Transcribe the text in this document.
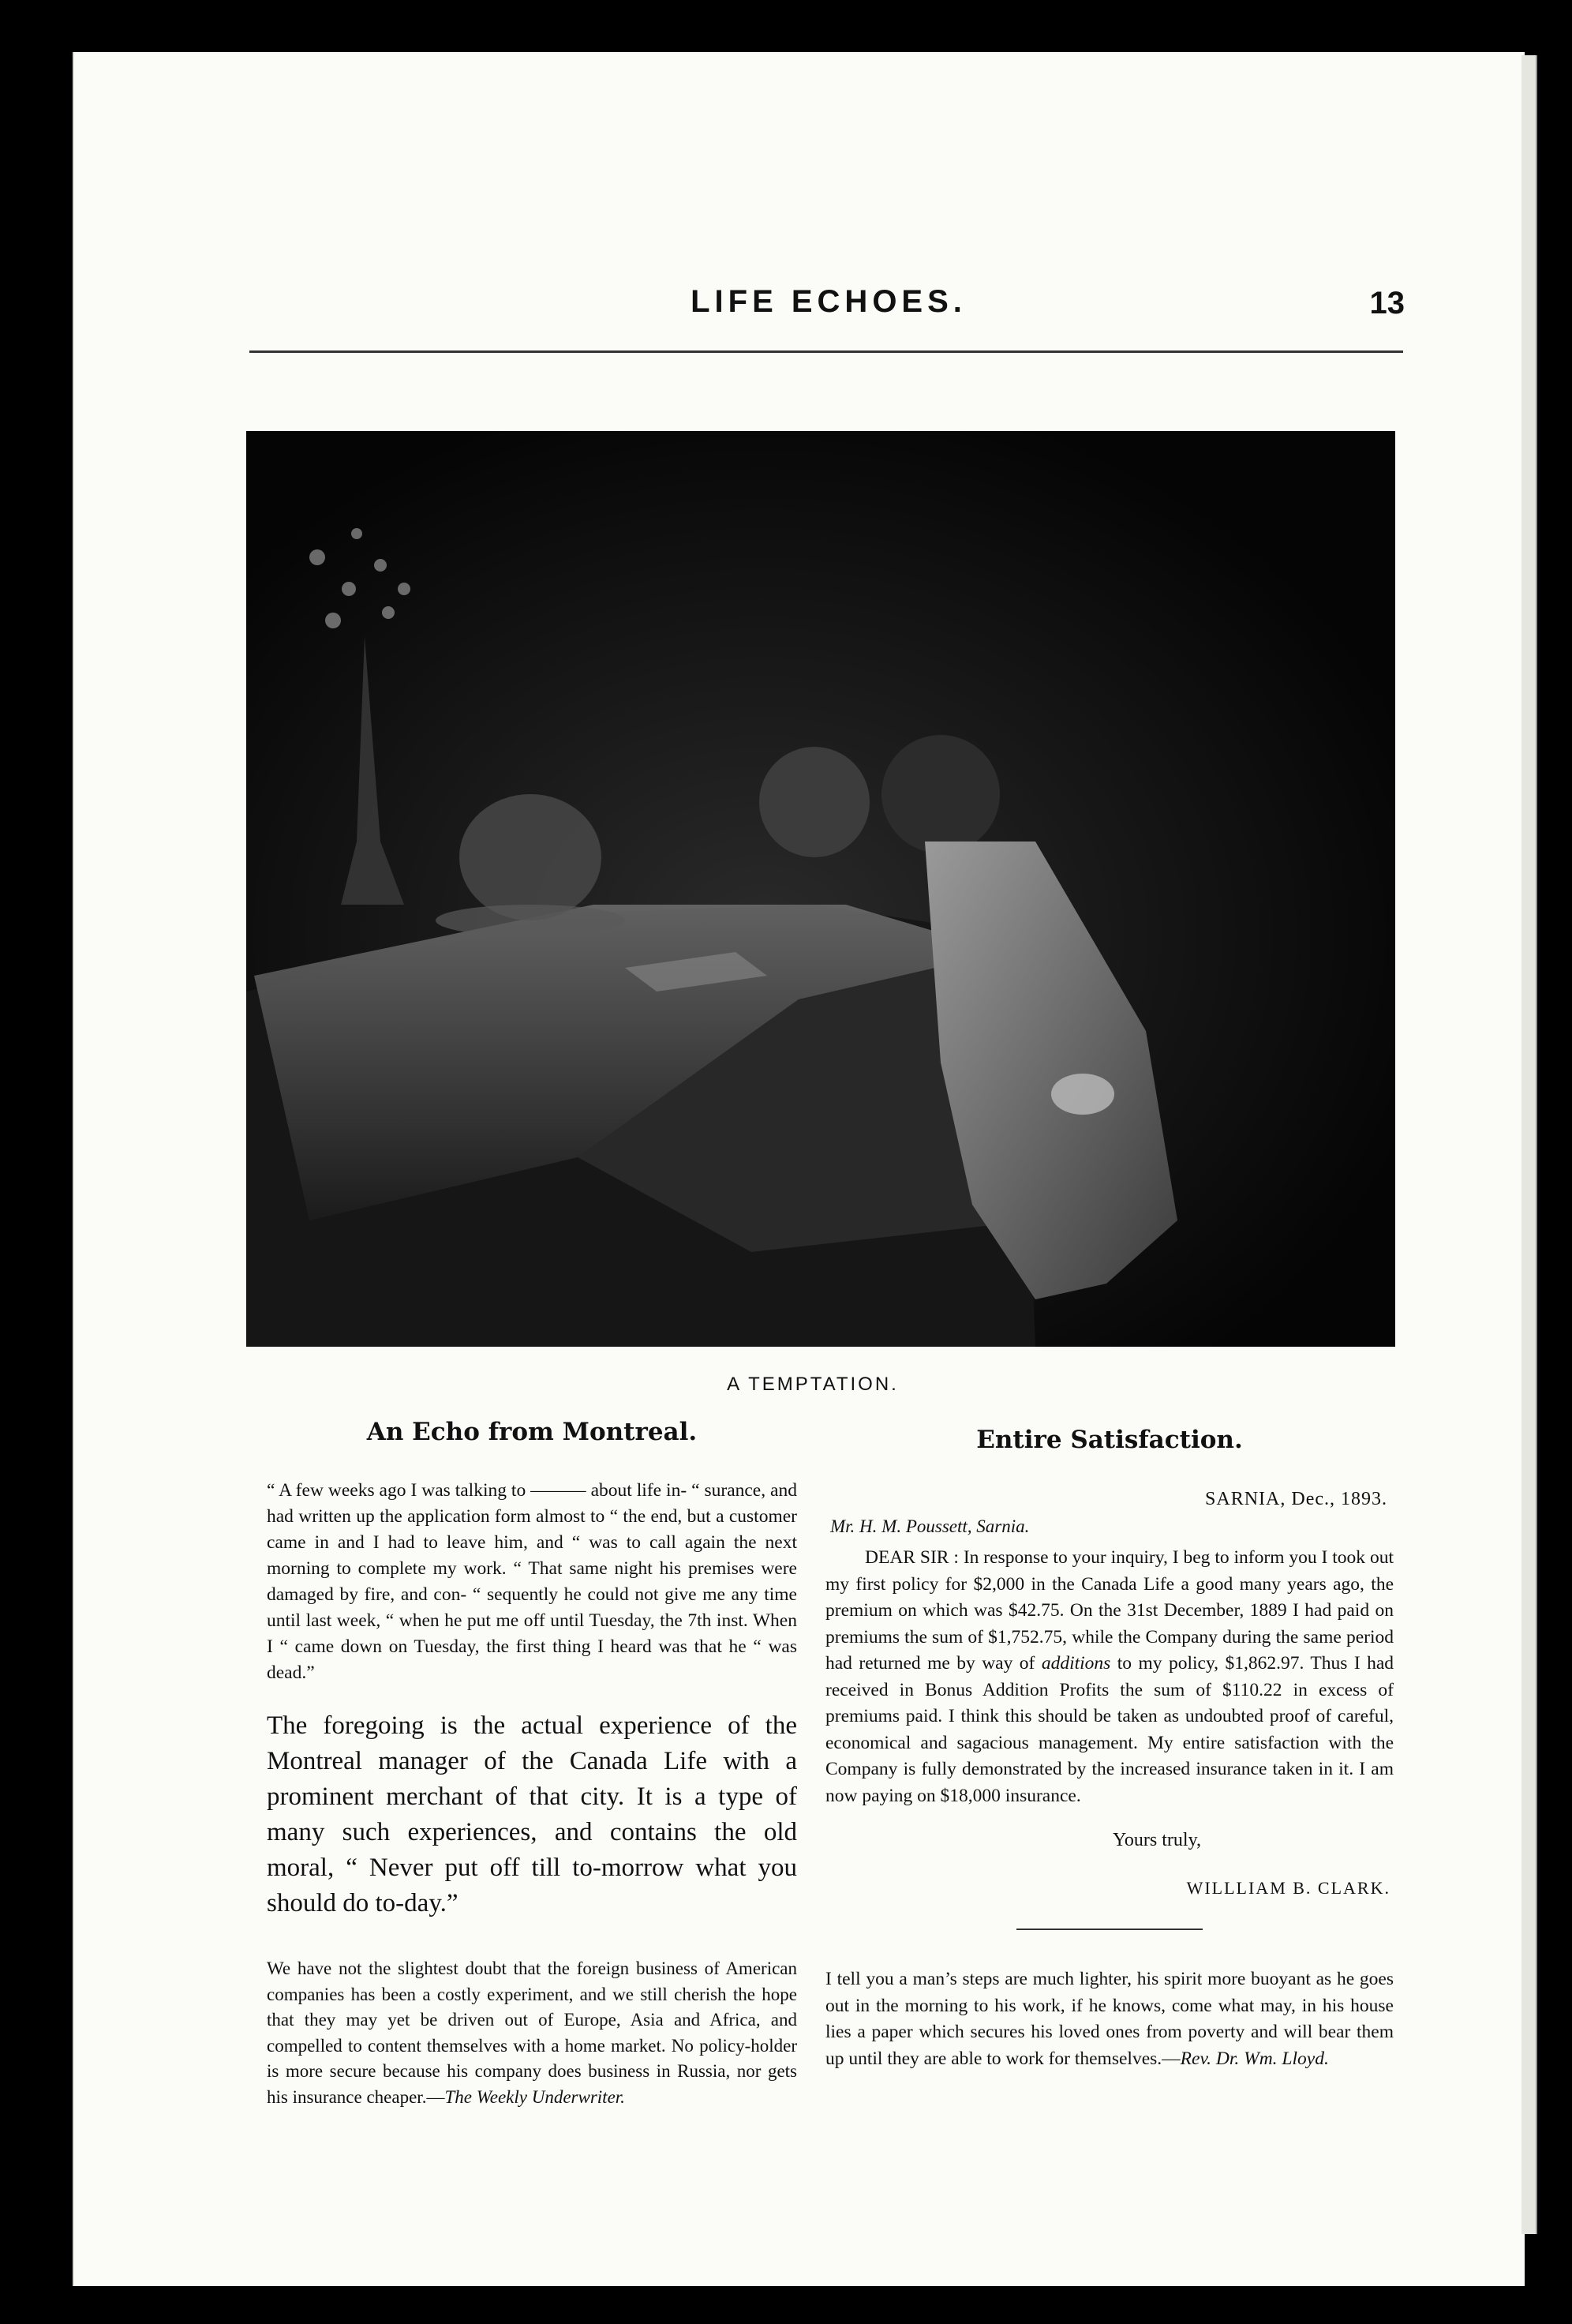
✦
LIFE ECHOES.	13
A TEMPTATION.
An Echo from Montreal.

“ A few weeks ago I was talking to ——— about life in- “ surance, and had written up the application form almost to “ the end, but a customer came in and I had to leave him, and “ was to call again the next morning to complete my work. “ That same night his premises were damaged by fire, and con- “ sequently he could not give me any time until last week, “ when he put me off until Tuesday, the 7th inst. When I “ came down on Tuesday, the first thing I heard was that he “ was dead.”

The foregoing is the actual experience of the Montreal manager of the Canada Life with a prominent merchant of that city. It is a type of many such experiences, and contains the old moral, “ Never put off till to-morrow what you should do to-day.”
We have not the slightest doubt that the foreign business of American companies has been a costly experiment, and we still cherish the hope that they may yet be driven out of Europe, Asia and Africa, and compelled to content themselves with a home market. No policy-holder is more secure because his company does business in Russia, nor gets his insurance cheaper.—The Weekly Underwriter.
Entire Satisfaction.
SARNIA, Dec., 1893.
Mr. H. M. Poussett, Sarnia.
DEAR SIR : In response to your inquiry, I beg to inform you I took out my first policy for $2,000 in the Canada Life a good many years ago, the premium on which was $42.75. On the 31st December, 1889 I had paid on premiums the sum of $1,752.75, while the Company during the same period had returned me by way of additions to my policy, $1,862.97. Thus I had received in Bonus Addition Profits the sum of $110.22 in excess of premiums paid. I think this should be taken as undoubted proof of careful, economical and sagacious management. My entire satisfaction with the Company is fully demonstrated by the increased insurance taken in it. I am now paying on $18,000 insurance.
Yours truly,
WILLLIAM B. CLARK.
I tell you a man’s steps are much lighter, his spirit more buoyant as he goes out in the morning to his work, if he knows, come what may, in his house lies a paper which secures his loved ones from poverty and will bear them up until they are able to work for themselves.—Rev. Dr. Wm. Lloyd.
